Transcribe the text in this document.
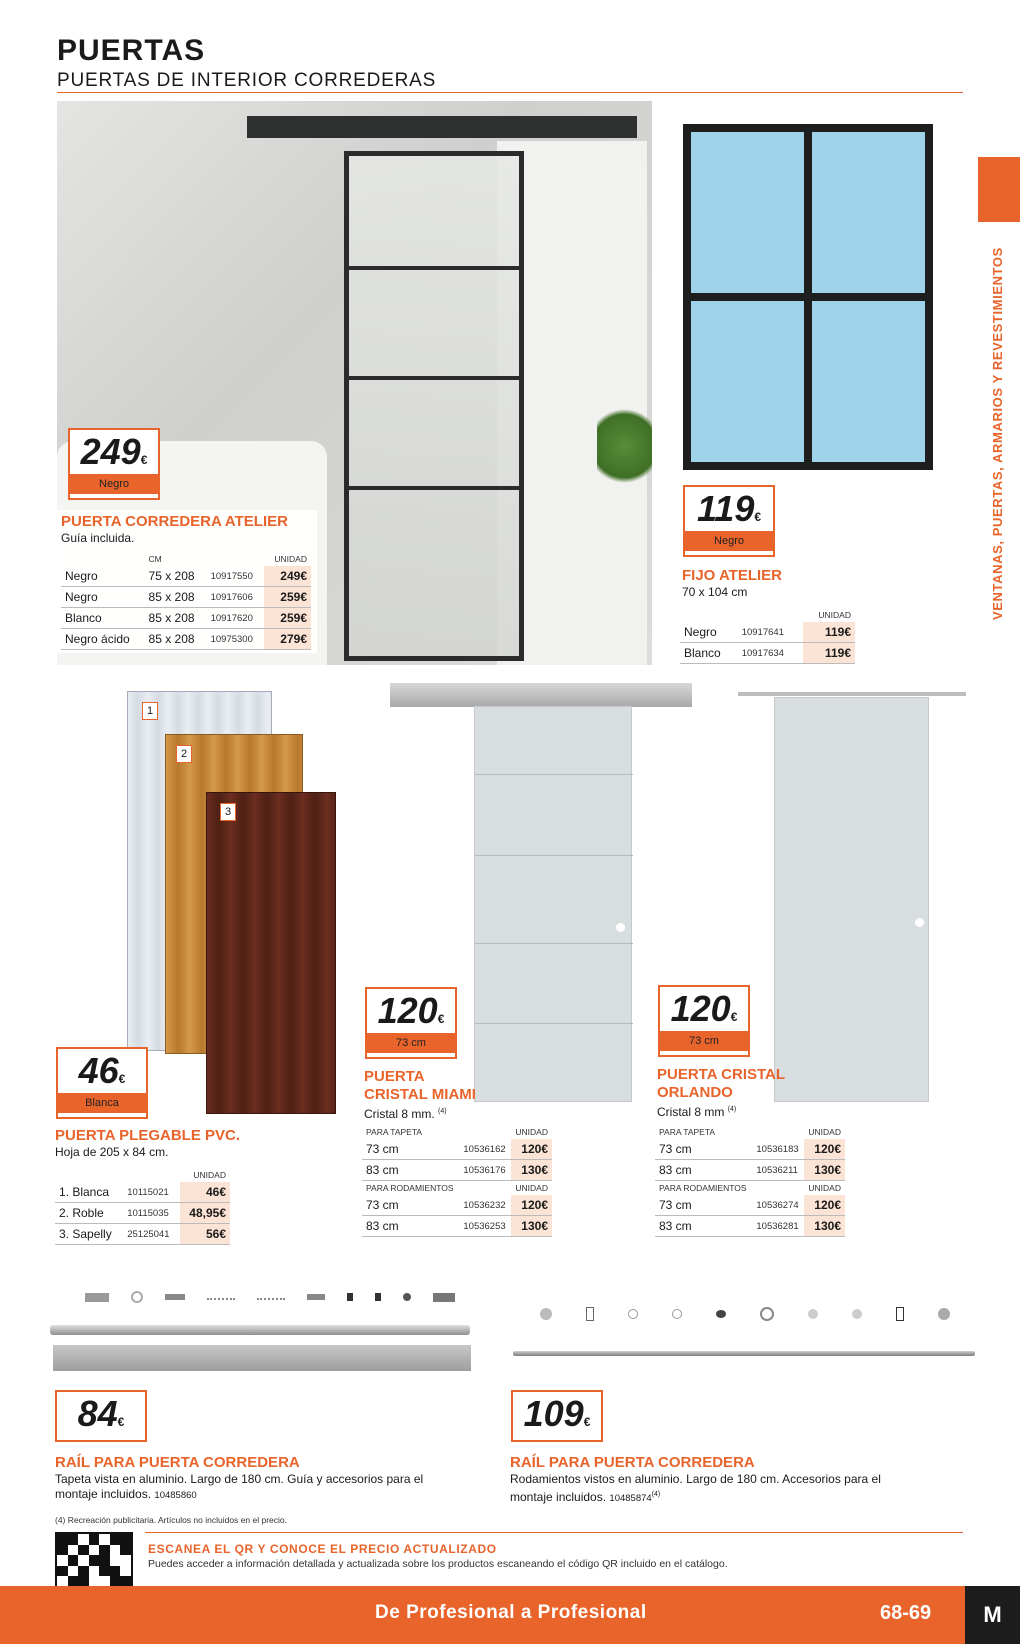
PUERTAS
PUERTAS DE INTERIOR CORREDERAS
VENTANAS, PUERTAS, ARMARIOS Y REVESTIMIENTOS
249€
Negro
PUERTA CORREDERA ATELIER
Guía incluida.
	CM		UNIDAD
Negro	75 x 208	10917550	249€
Negro	85 x 208	10917606	259€
Blanco	85 x 208	10917620	259€
Negro ácido	85 x 208	10975300	279€
119€
Negro
FIJO ATELIER
70 x 104 cm
		UNIDAD
Negro	10917641	119€
Blanco	10917634	119€
1
2
3
46€
Blanca
PUERTA PLEGABLE PVC.
Hoja de 205 x 84 cm.
		UNIDAD
1. Blanca	10115021	46€
2. Roble	10115035	48,95€
3. Sapelly	25125041	56€
120€
73 cm
PUERTA
CRISTAL MIAMI
Cristal 8 mm. $^{(4)}$
PARA TAPETA		UNIDAD
73 cm	10536162	120€
83 cm	10536176	130€
PARA RODAMIENTOS		UNIDAD
73 cm	10536232	120€
83 cm	10536253	130€
120€
73 cm
PUERTA CRISTAL
ORLANDO
Cristal 8 mm $^{(4)}$
PARA TAPETA		UNIDAD
73 cm	10536183	120€
83 cm	10536211	130€
PARA RODAMIENTOS		UNIDAD
73 cm	10536274	120€
83 cm	10536281	130€
84€
RAÍL PARA PUERTA CORREDERA
Tapeta vista en aluminio. Largo de 180 cm. Guía y accesorios para el montaje incluidos. 10485860
109€
RAÍL PARA PUERTA CORREDERA
Rodamientos vistos en aluminio. Largo de 180 cm. Accesorios para el montaje incluidos. 10485874$^{(4)}$
(4) Recreación publicitaria. Artículos no incluidos en el precio.
ESCANEA EL QR Y CONOCE EL PRECIO ACTUALIZADO
Puedes acceder a información detallada y actualizada sobre los productos escaneando el código QR incluido en el catálogo.
De Profesional a Profesional	68-69	M
